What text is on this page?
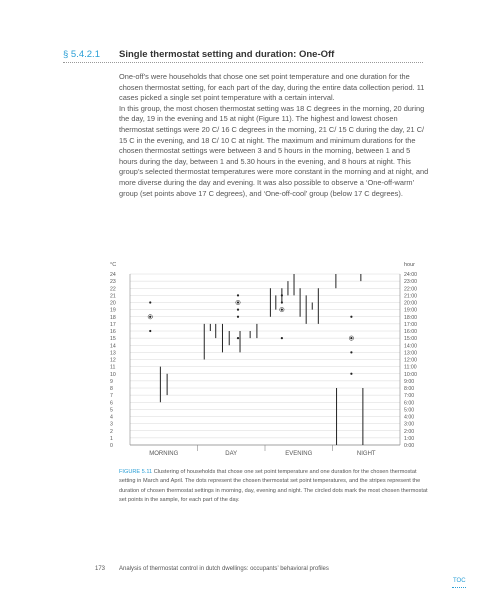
§ 5.4.2.1 Single thermostat setting and duration: One-Off

One-off’s were households that chose one set point temperature and one duration for the chosen thermostat setting, for each part of the day, during the entire data collection period. 11 cases picked a single set point temperature with a certain interval.

In this group, the most chosen thermostat setting was 18 C degrees in the morning, 20 during the day, 19 in the evening and 15 at night (Figure 11). The highest and lowest chosen thermostat settings were 20 C/ 16 C degrees in the morning, 21 C/ 15 C during the day, 21 C/ 15 C in the evening, and 18 C/ 10 C at night. The maximum and minimum durations for the chosen thermostat settings were between 3 and 5 hours in the morning, between 1 and 5 hours during the day, between 1 and 5.30 hours in the evening, and 8 hours at night. This group’s selected thermostat temperatures were more constant in the morning and at night, and more diverse during the day and evening. It was also possible to observe a ‘One-off-warm’ group (set points above 17 C degrees), and ‘One-off-cool’ group (below 17 C degrees).

°C	hour
24	24:00
23	23:00
22	22:00
21	21:00
20	20:00
19	19:00
18	18:00
17	17:00
16	16:00
15	15:00
14	14:00
13	13:00
12	12:00
11	11:00
10	10:00
9	9:00
8	8:00
7	7:00
6	6:00
5	5:00
4	4:00
3	3:00
2	2:00
1	1:00
0	0:00
MORNING	DAY	EVENING	NIGHT
FIGURE 5.11 Clustering of households that chose one set point temperature and one duration for the chosen thermostat setting in March and April. The dots represent the chosen thermostat set point temperatures, and the stripes represent the duration of chosen thermostat settings in morning, day, evening and night. The circled dots mark the most chosen thermostat set points in the sample, for each part of the day.
173 Analysis of thermostat control in dutch dwellings: occupants’ behavioral profiles
TOC
